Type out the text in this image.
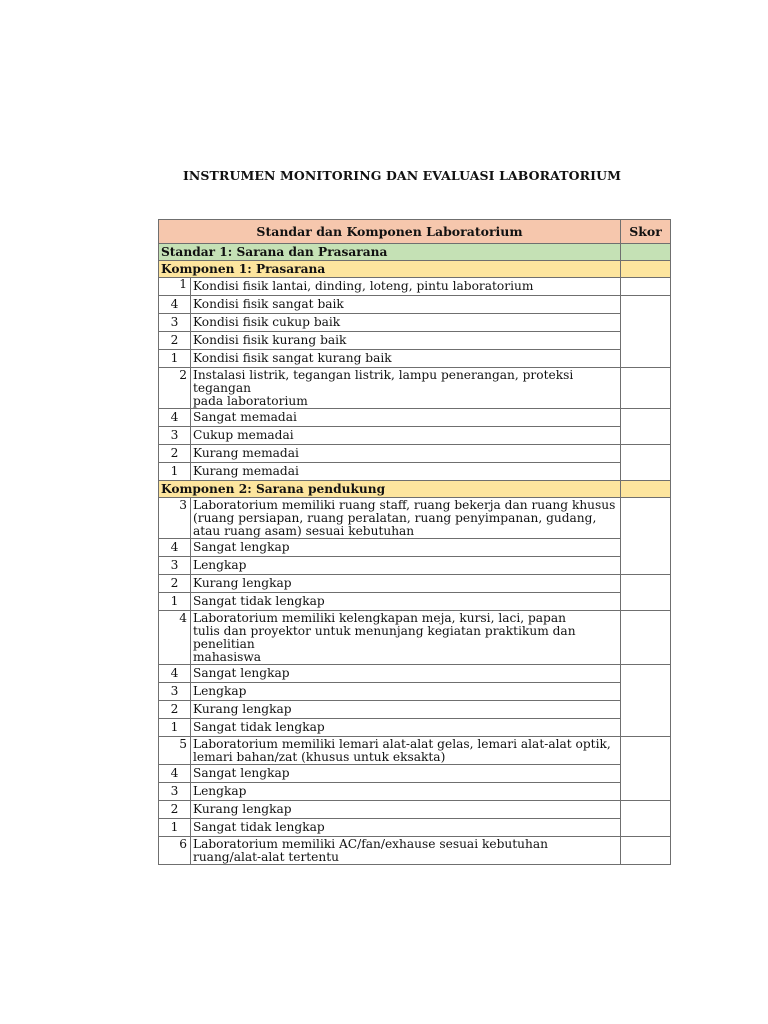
INSTRUMEN MONITORING DAN EVALUASI LABORATORIUM
Standar dan Komponen Laboratorium		Skor
Standar 1: Sarana dan Prasarana		
Komponen 1: Prasarana		
1	Kondisi fisik lantai, dinding, loteng, pintu laboratorium	
4	Kondisi fisik sangat baik	
3	Kondisi fisik cukup baik	
2	Kondisi fisik kurang baik	
1	Kondisi fisik sangat kurang baik	
2	Instalasi listrik, tegangan listrik, lampu penerangan, proteksi tegangan
pada laboratorium	

4	Sangat memadai	
3	Cukup memadai	
2	Kurang memadai	
1	Kurang memadai	
Komponen 2: Sarana pendukung		
3	Laboratorium memiliki ruang staff, ruang bekerja dan ruang khusus
(ruang persiapan, ruang peralatan, ruang penyimpanan, gudang,
atau ruang asam) sesuai kebutuhan	

4	Sangat lengkap	
3	Lengkap	
2	Kurang lengkap	
1	Sangat tidak lengkap	
4	Laboratorium memiliki kelengkapan meja, kursi, laci, papan
tulis dan proyektor untuk menunjang kegiatan praktikum dan penelitian
mahasiswa	

4	Sangat lengkap	
3	Lengkap	
2	Kurang lengkap	
1	Sangat tidak lengkap	
5	Laboratorium memiliki lemari alat-alat gelas, lemari alat-alat optik,
lemari bahan/zat (khusus untuk eksakta)	

4	Sangat lengkap	
3	Lengkap	
2	Kurang lengkap	
1	Sangat tidak lengkap	
6	Laboratorium memiliki AC/fan/exhause sesuai kebutuhan
ruang/alat-alat tertentu	
